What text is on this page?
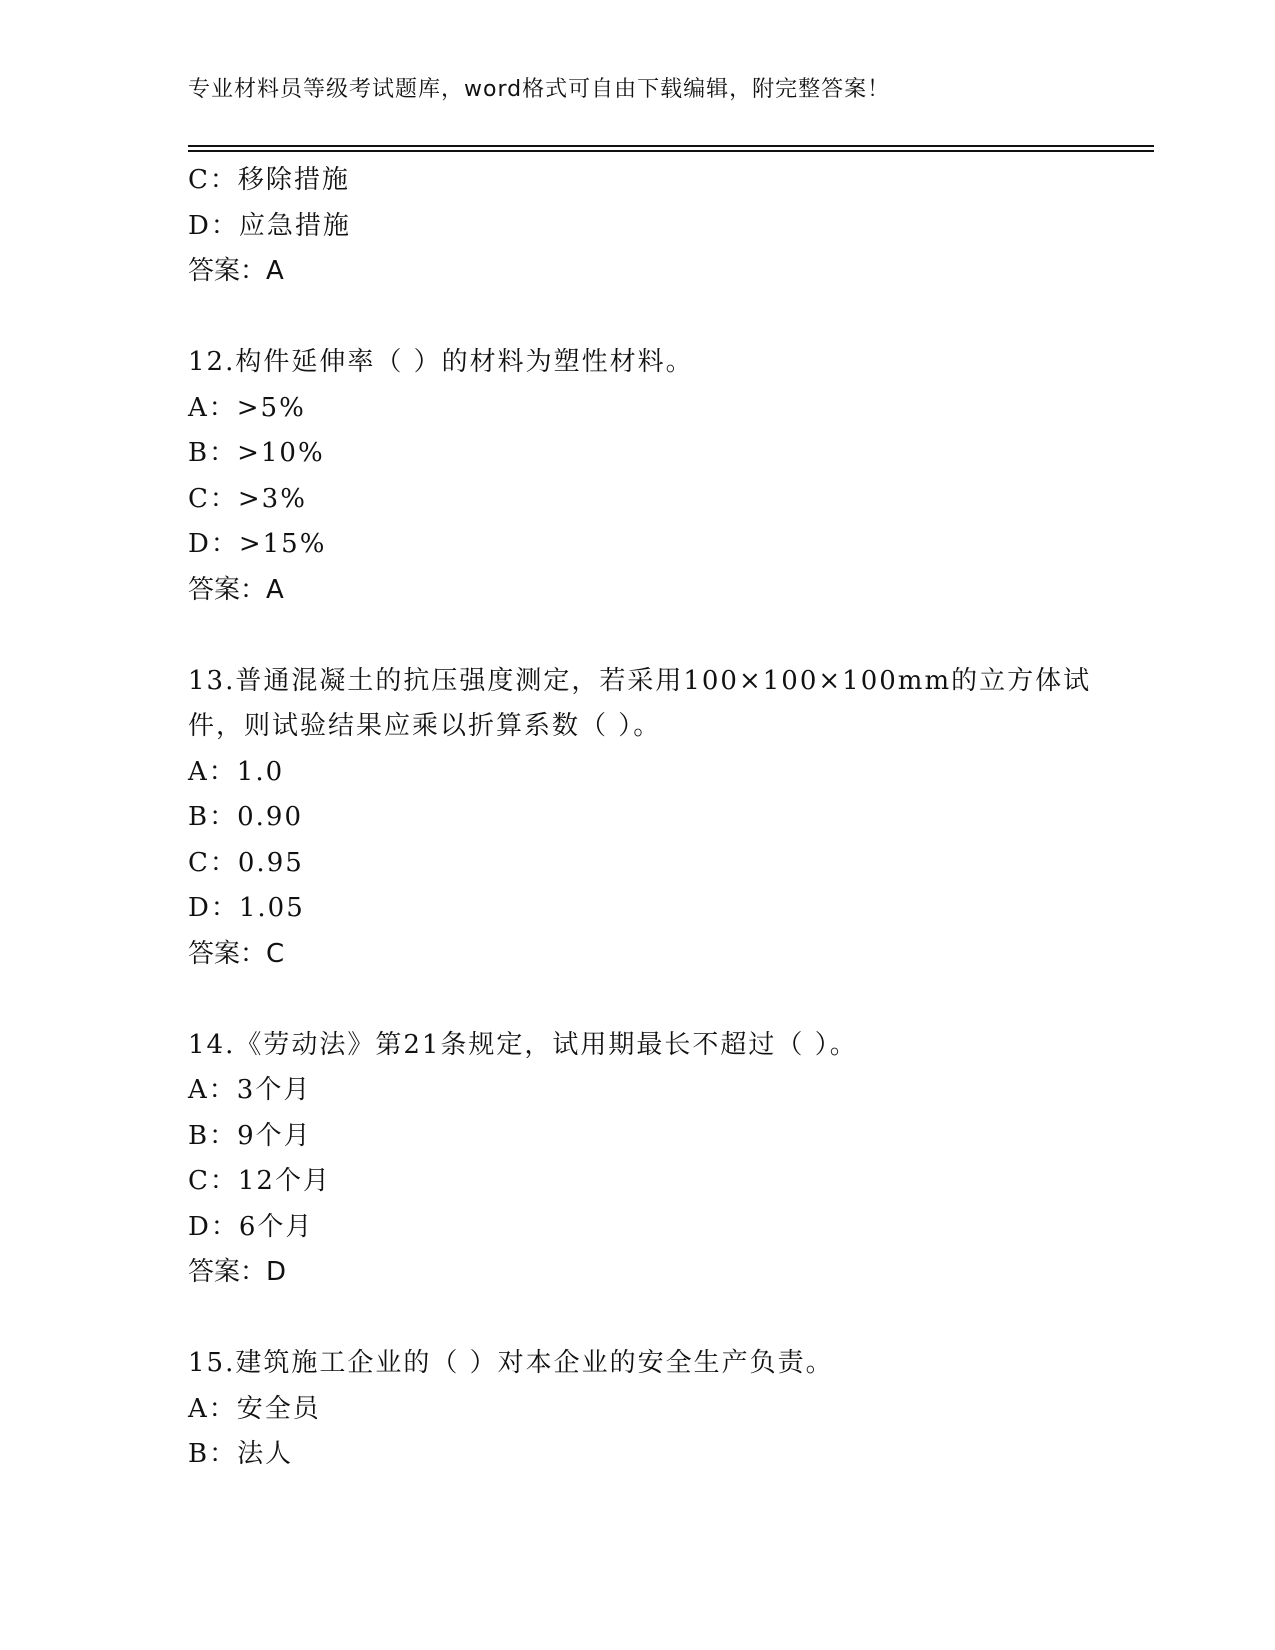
专业材料员等级考试题库，word格式可自由下载编辑，附完整答案！
C：移除措施
D：应急措施
答案：A
12.构件延伸率（ ）的材料为塑性材料。
A：>5%
B：>10%
C：>3%
D：>15%
答案：A
13.普通混凝土的抗压强度测定，若采用100×100×100mm的立方体试
件，则试验结果应乘以折算系数（ ）。
A：1.0
B：0.90
C：0.95
D：1.05
答案：C
14.《劳动法》第21条规定，试用期最长不超过（ ）。
A：3个月
B：9个月
C：12个月
D：6个月
答案：D
15.建筑施工企业的（ ）对本企业的安全生产负责。
A：安全员
B：法人
